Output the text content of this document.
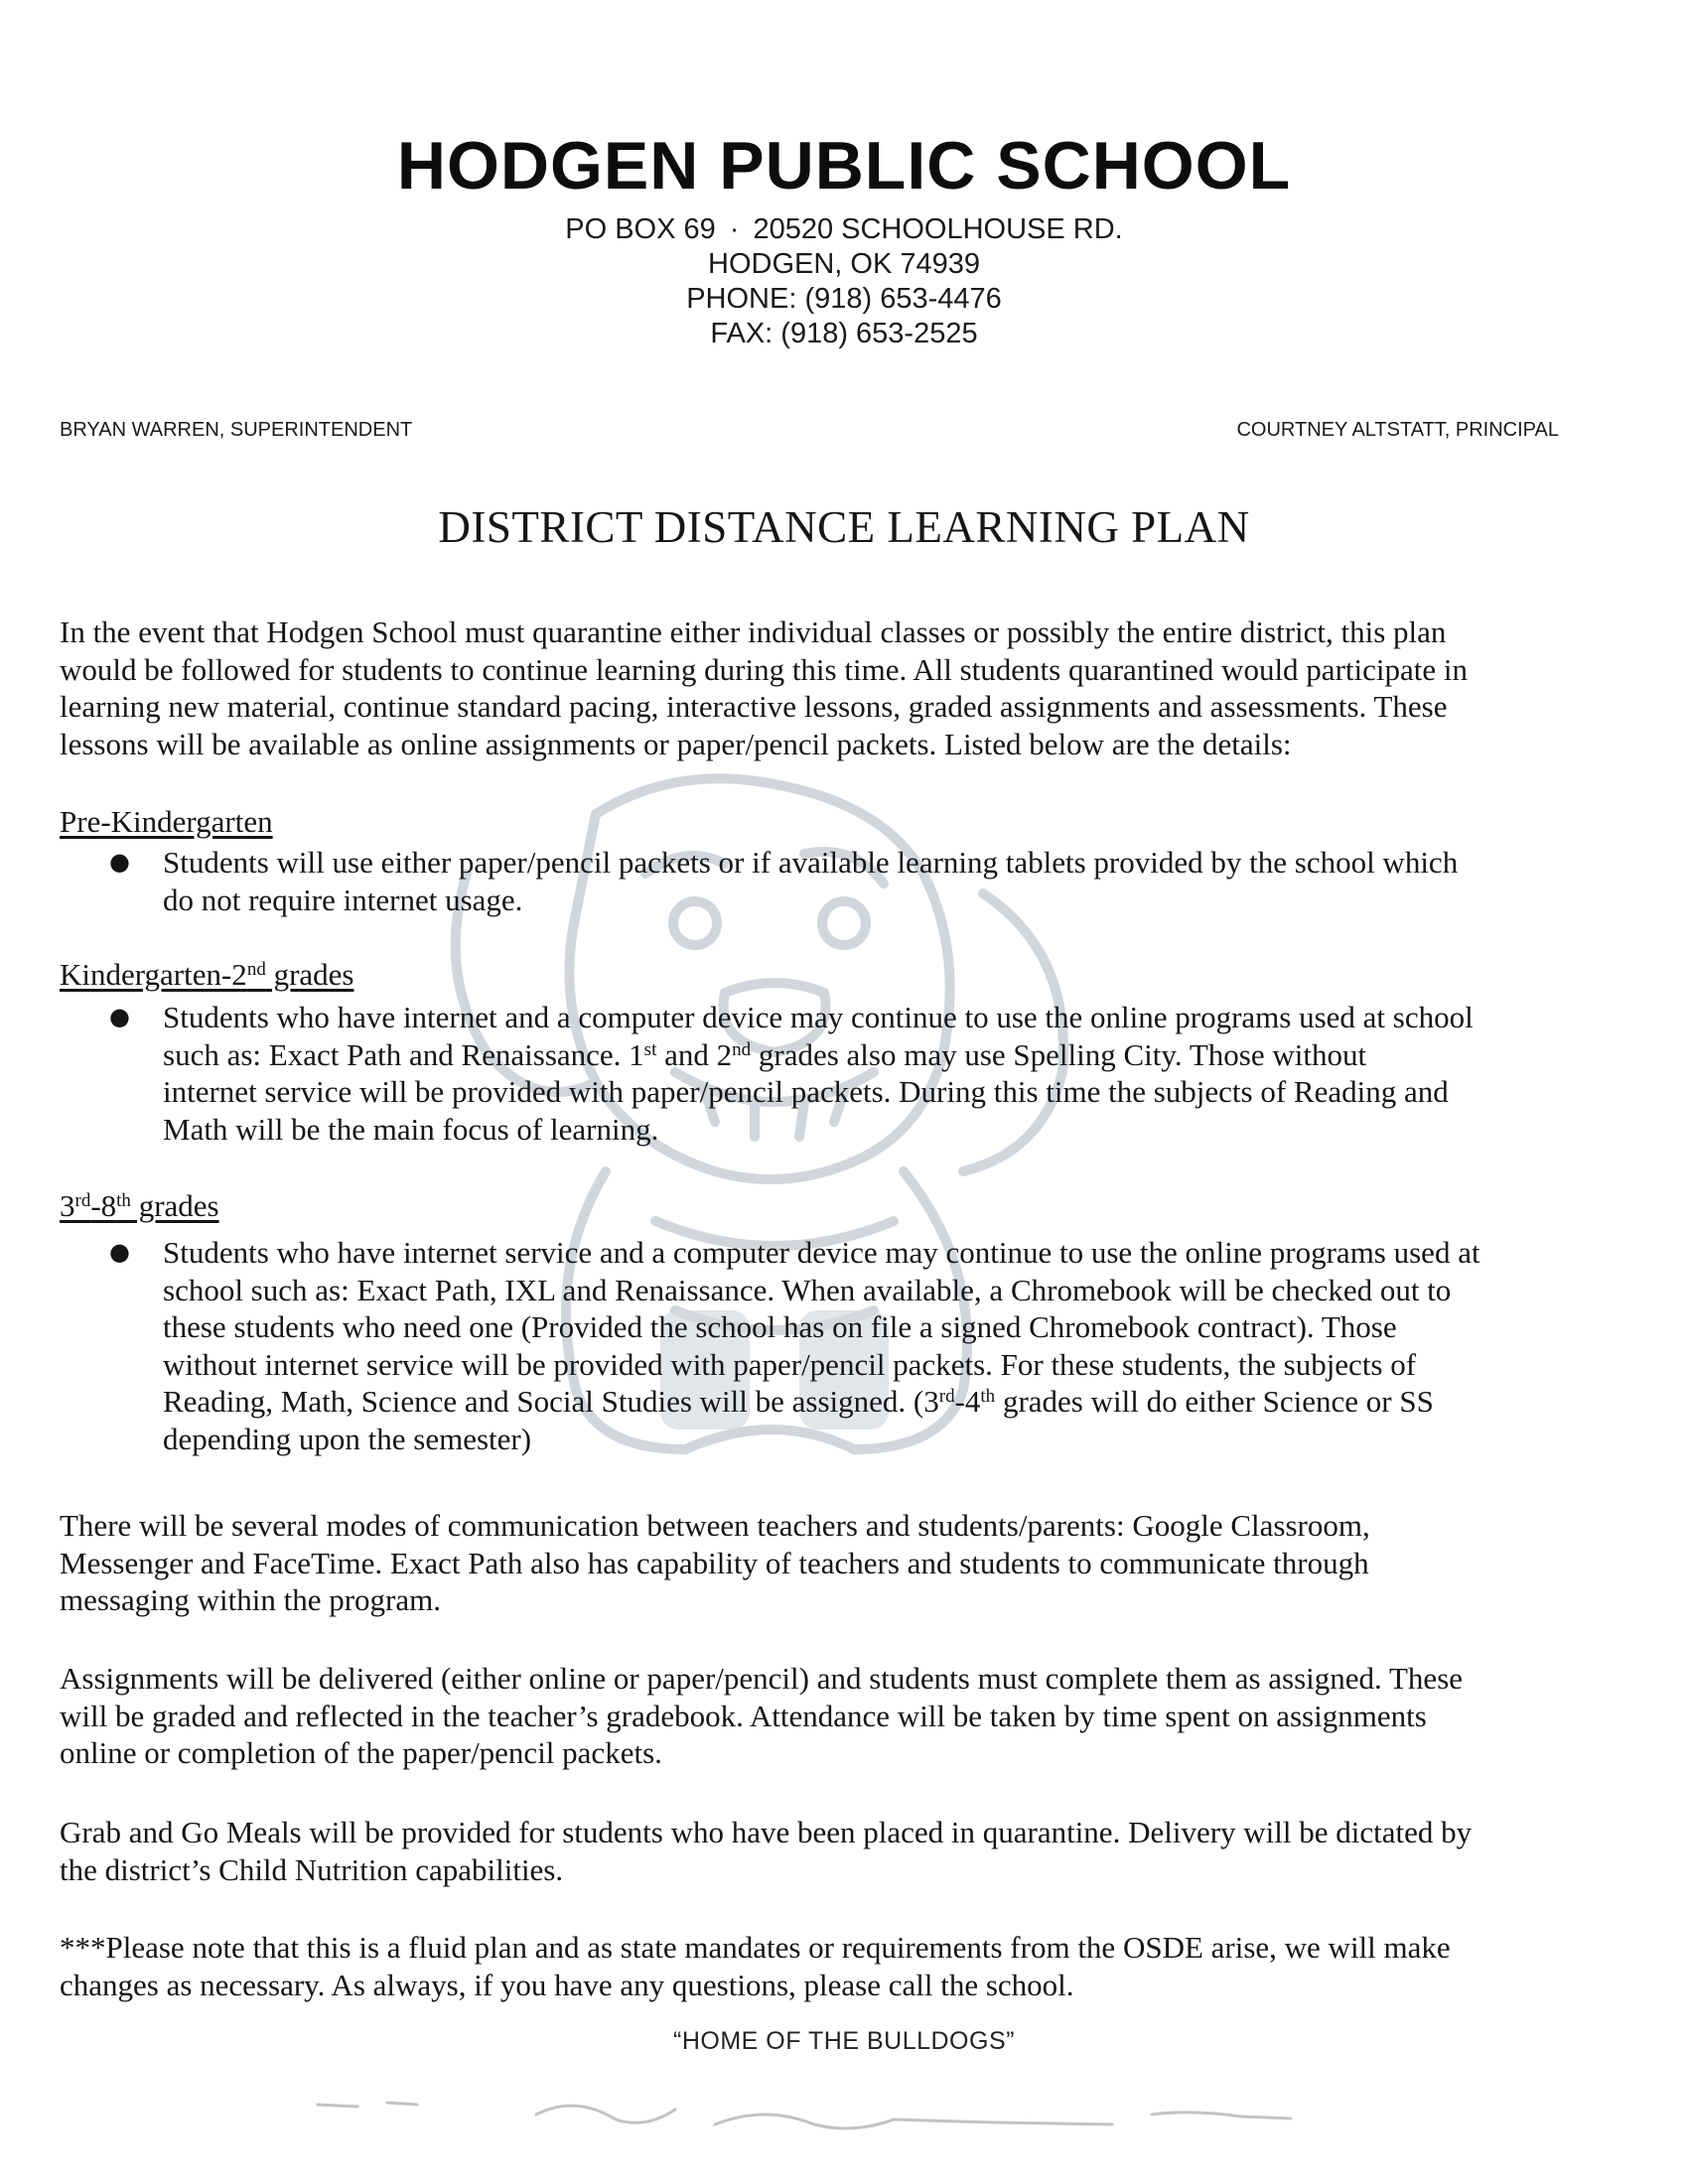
HODGEN PUBLIC SCHOOL
PO BOX 69 · 20520 SCHOOLHOUSE RD.
HODGEN, OK 74939
PHONE: (918) 653-4476
FAX: (918) 653-2525
BRYAN WARREN, SUPERINTENDENT	COURTNEY ALTSTATT, PRINCIPAL
DISTRICT DISTANCE LEARNING PLAN

In the event that Hodgen School must quarantine either individual classes or possibly the entire district, this plan
would be followed for students to continue learning during this time. All students quarantined would participate in
learning new material, continue standard pacing, interactive lessons, graded assignments and assessments. These
lessons will be available as online assignments or paper/pencil packets. Listed below are the details:

Pre-Kindergarten

● Students will use either paper/pencil packets or if available learning tablets provided by the school which
do not require internet usage.

Kindergarten-2nd grades

● Students who have internet and a computer device may continue to use the online programs used at school
such as: Exact Path and Renaissance. 1st and 2nd grades also may use Spelling City. Those without
internet service will be provided with paper/pencil packets. During this time the subjects of Reading and
Math will be the main focus of learning.

3rd-8th grades

● Students who have internet service and a computer device may continue to use the online programs used at
school such as: Exact Path, IXL and Renaissance. When available, a Chromebook will be checked out to
these students who need one (Provided the school has on file a signed Chromebook contract). Those
without internet service will be provided with paper/pencil packets. For these students, the subjects of
Reading, Math, Science and Social Studies will be assigned. (3rd-4th grades will do either Science or SS
depending upon the semester)

There will be several modes of communication between teachers and students/parents: Google Classroom,
Messenger and FaceTime. Exact Path also has capability of teachers and students to communicate through
messaging within the program.

Assignments will be delivered (either online or paper/pencil) and students must complete them as assigned. These
will be graded and reflected in the teacher’s gradebook. Attendance will be taken by time spent on assignments
online or completion of the paper/pencil packets.

Grab and Go Meals will be provided for students who have been placed in quarantine. Delivery will be dictated by
the district’s Child Nutrition capabilities.

***Please note that this is a fluid plan and as state mandates or requirements from the OSDE arise, we will make
changes as necessary. As always, if you have any questions, please call the school.

“HOME OF THE BULLDOGS”
